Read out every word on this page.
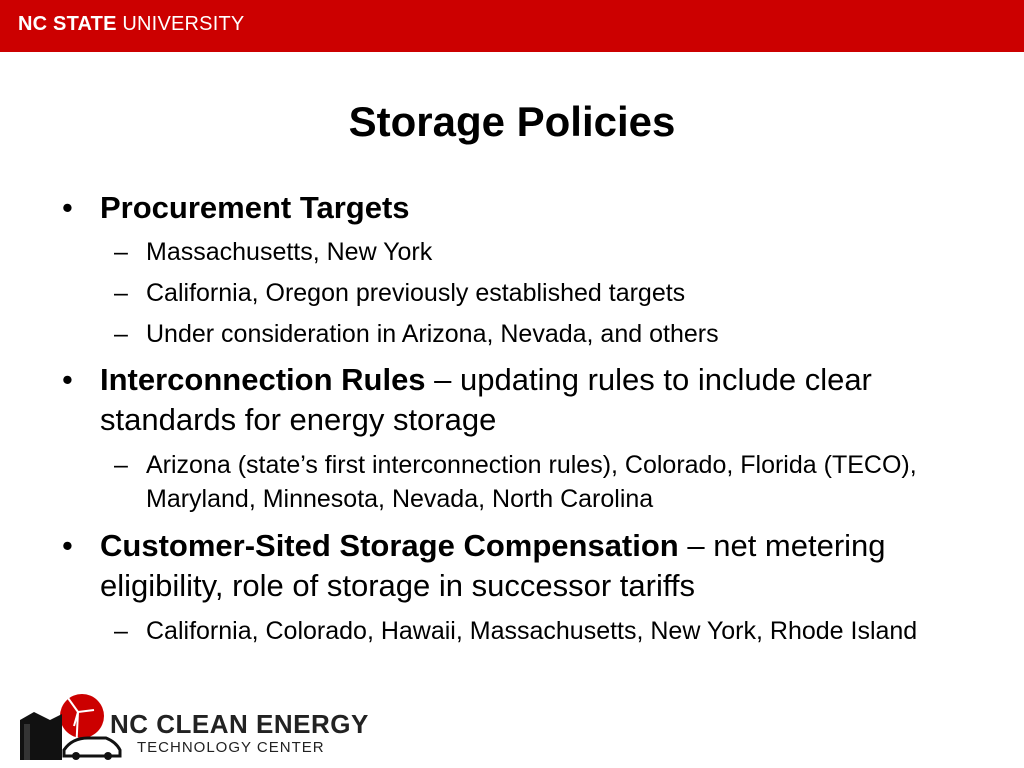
NC STATE UNIVERSITY
Storage Policies
• Procurement Targets
– Massachusetts, New York
– California, Oregon previously established targets
– Under consideration in Arizona, Nevada, and others
• Interconnection Rules – updating rules to include clear standards for energy storage
– Arizona (state’s first interconnection rules), Colorado, Florida (TECO), Maryland, Minnesota, Nevada, North Carolina
• Customer-Sited Storage Compensation – net metering eligibility, role of storage in successor tariffs
– California, Colorado, Hawaii, Massachusetts, New York, Rhode Island
NC CLEAN ENERGY
TECHNOLOGY CENTER
